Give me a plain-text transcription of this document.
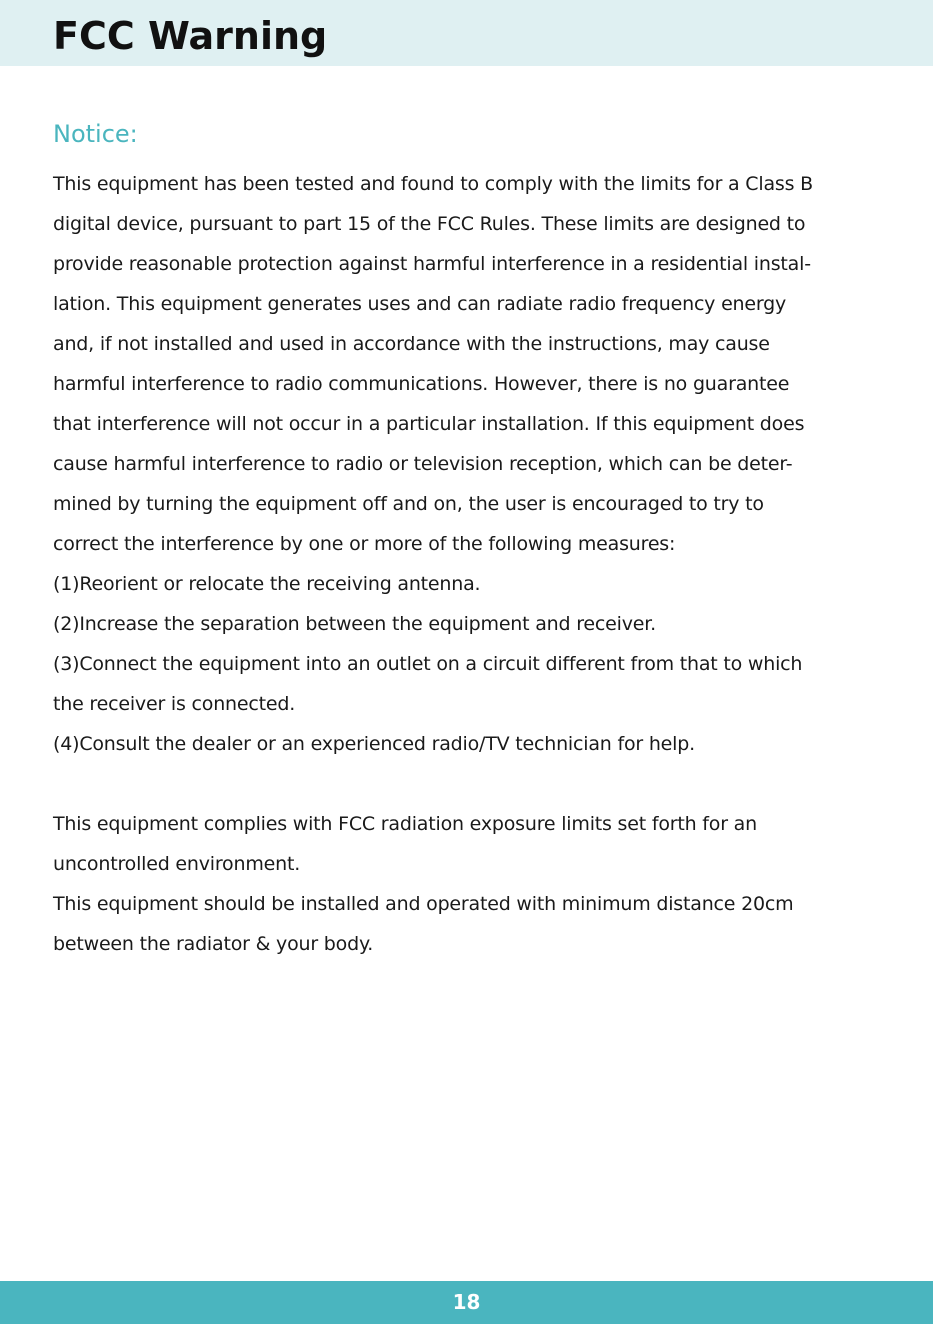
FCC Warning
Notice:

This equipment has been tested and found to comply with the limits for a Class B

digital device, pursuant to part 15 of the FCC Rules. These limits are designed to

provide reasonable protection against harmful interference in a residential instal-

lation. This equipment generates uses and can radiate radio frequency energy

and, if not installed and used in accordance with the instructions, may cause

harmful interference to radio communications. However, there is no guarantee

that interference will not occur in a particular installation. If this equipment does

cause harmful interference to radio or television reception, which can be deter-

mined by turning the equipment off and on, the user is encouraged to try to

correct the interference by one or more of the following measures:

(1)Reorient or relocate the receiving antenna.

(2)Increase the separation between the equipment and receiver.

(3)Connect the equipment into an outlet on a circuit different from that to which

the receiver is connected.

(4)Consult the dealer or an experienced radio/TV technician for help.

This equipment complies with FCC radiation exposure limits set forth for an

uncontrolled environment.

This equipment should be installed and operated with minimum distance 20cm

between the radiator & your body.

18
